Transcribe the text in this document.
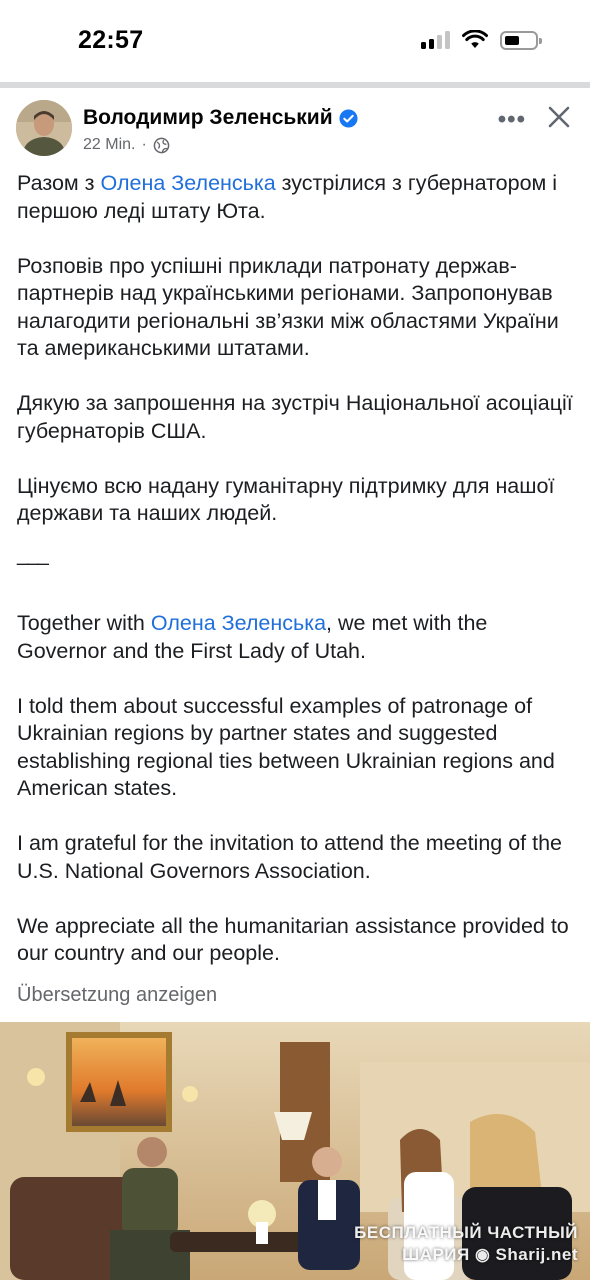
22:57
Володимир Зеленський
22 Min. ·
•••

Разом з Олена Зеленська зустрілися з губернатором і першою леді штату Юта.

Розповів про успішні приклади патронату держав-партнерів над українськими регіонами. Запропонував налагодити регіональні зв’язки між областями України та американськими штатами.

Дякую за запрошення на зустріч Національної асоціації губернаторів США.

Цінуємо всю надану гуманітарну підтримку для нашої держави та наших людей.

___

Together with Олена Зеленська, we met with the Governor and the First Lady of Utah.

I told them about successful examples of patronage of Ukrainian regions by partner states and suggested establishing regional ties between Ukrainian regions and American states.

I am grateful for the invitation to attend the meeting of the U.S. National Governors Association.

We appreciate all the humanitarian assistance provided to our country and our people.

Übersetzung anzeigen
БЕСПЛАТНЫЙ ЧАСТНЫЙ
ШАРИЯ ◉ Sharij.net
